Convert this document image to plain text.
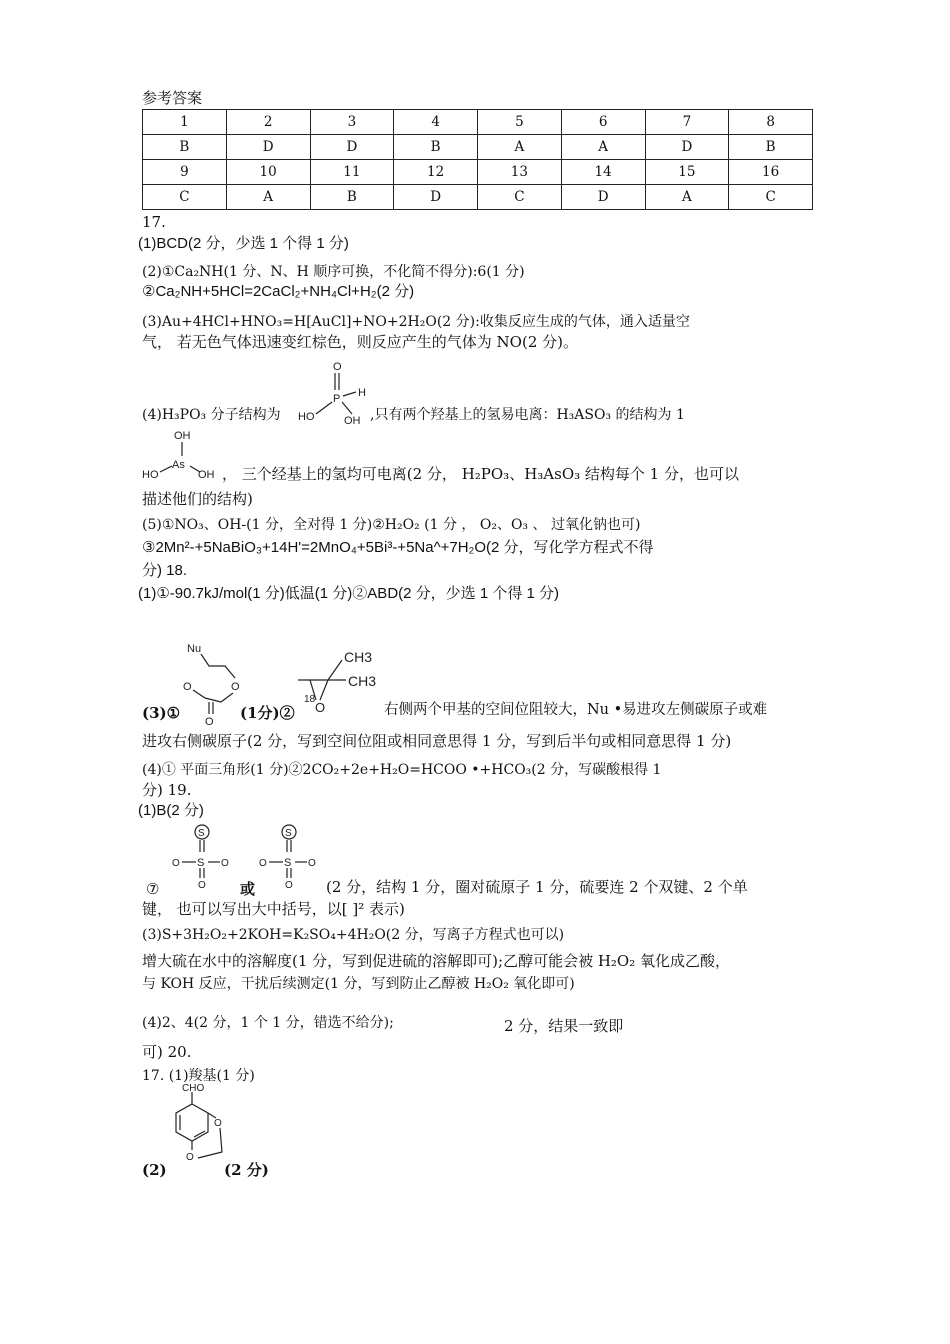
参考答案
1	2	3	4	5	6	7	8
B	D	D	B	A	A	D	B
9	10	11	12	13	14	15	16
C	A	B	D	C	D	A	C
17.
(1)BCD(2 分，少选 1 个得 1 分)
(2)①Ca₂NH(1 分、N、H 顺序可换，不化简不得分):6(1 分)
②Ca₂NH+5HCl=2CaCl₂+NH₄Cl+H₂(2 分)
(3)Au+4HCl+HNO₃=H[AuCl]+NO+2H₂O(2 分):收集反应生成的气体，通入适量空
气， 若无色气体迅速变红棕色，则反应产生的气体为 NO(2 分)。
(4)H₃PO₃ 分子结构为
O
P H
HO	OH ,只有两个羟基上的氢易电离：H₃ASO₃ 的结构为 1
OH
As
HO	OH ， 三个经基上的氢均可电离(2 分， H₂PO₃、H₃AsO₃ 结构每个 1 分，也可以
描述他们的结构)
(5)①NO₃、OH-(1 分，全对得 1 分)②H₂O₂ (1 分 ， O₂、O₃ 、 过氧化钠也可)
③2Mn²-+5NaBiO₃+14H'=2MnO₄+5Bi³-+5Na^+7H₂O(2 分，写化学方程式不得
分) 18.
(1)①-90.7kJ/mol(1 分)低温(1 分)②ABD(2 分，少选 1 个得 1 分)
(3)①
Nu
O
O
O (1分)②
CH3
CH3
18
O	右侧两个甲基的空间位阻较大，Nu •易进攻左侧碳原子或难
进攻右侧碳原子(2 分，写到空间位阻或相同意思得 1 分，写到后半句或相同意思得 1 分)
(4)① 平面三角形(1 分)②2CO₂+2e+H₂O=HCOO •+HCO₃(2 分，写碳酸根得 1
分) 19.
(1)B(2 分)
S
O S O
O
S
O S O
O
⑦	或	(2 分，结构 1 分，圈对硫原子 1 分，硫要连 2 个双键、2 个单
键， 也可以写出大中括号，以[ ]² 表示)
(3)S+3H₂O₂+2KOH=K₂SO₄+4H₂O(2 分，写离子方程式也可以)
增大硫在水中的溶解度(1 分，写到促进硫的溶解即可);乙醇可能会被 H₂O₂ 氧化成乙酸，
与 KOH 反应，干扰后续测定(1 分，写到防止乙醇被 H₂O₂ 氧化即可)
(4)2、4(2 分，1 个 1 分，错选不给分);	2 分，结果一致即
可) 20.
17. (1)羧基(1 分)
CHO
O
O
(2)	(2 分)
